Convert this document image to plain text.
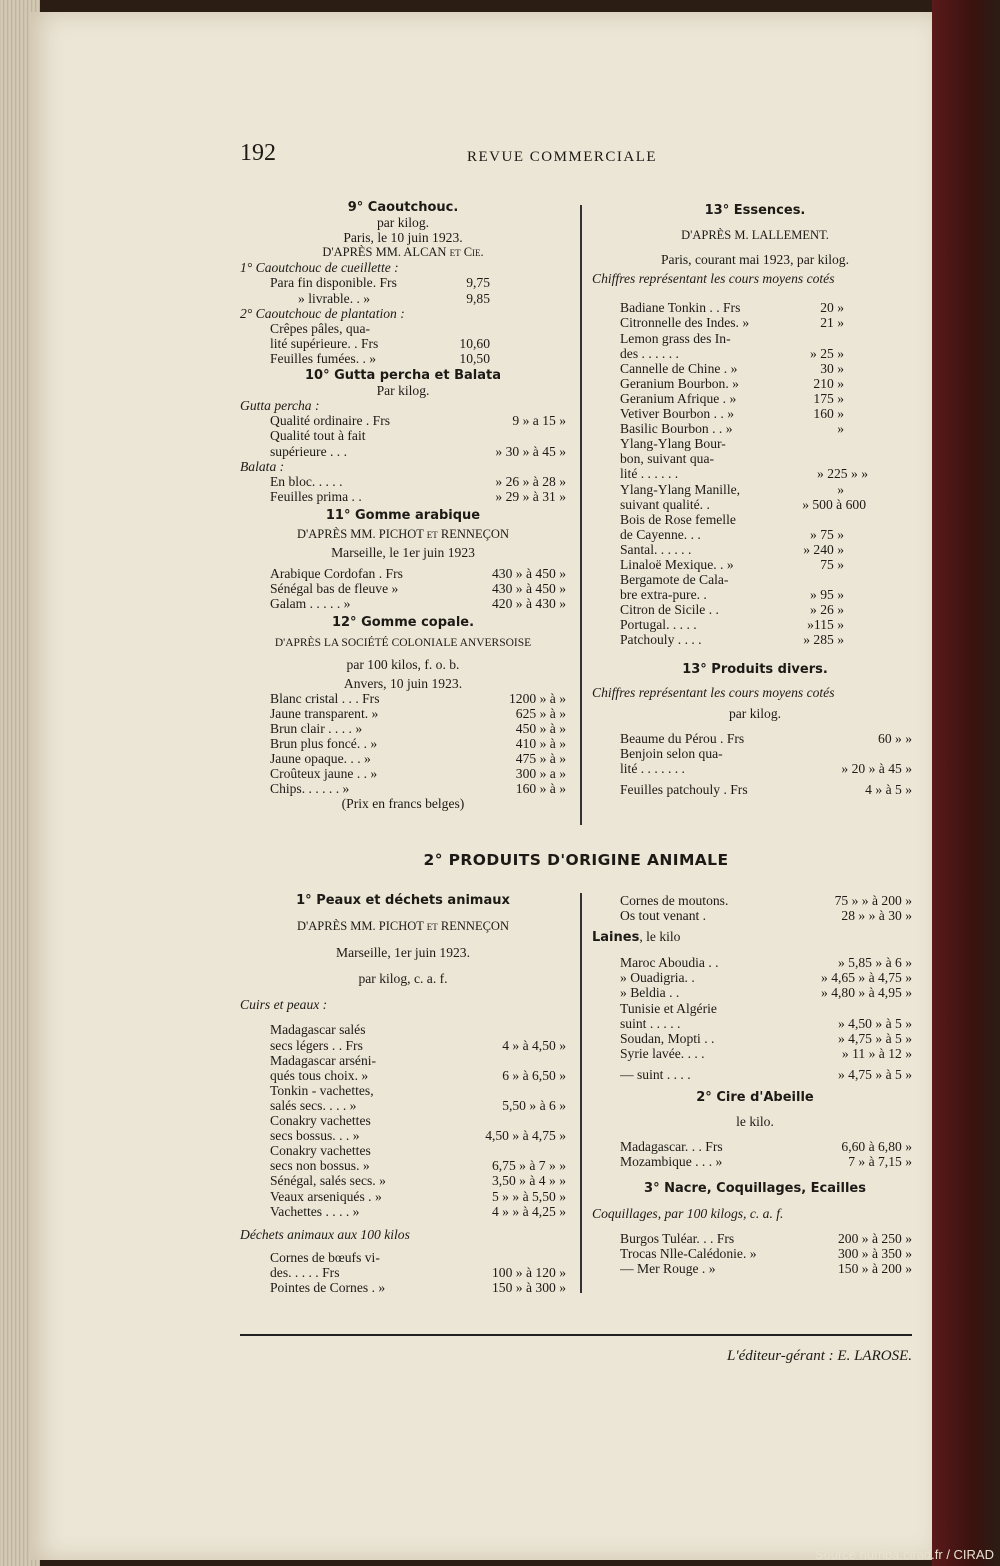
192	REVUE COMMERCIALE
9° Caoutchouc.
par kilog.
Paris, le 10 juin 1923.
D'APRÈS MM. ALCAN et Cie.
1° Caoutchouc de cueillette :
Para fin disponible. Frs	9,75
» livrable. . »	9,85
2° Caoutchouc de plantation :
Crêpes pâles, qua-
lité supérieure. . Frs	10,60
Feuilles fumées. . »	10,50
10° Gutta percha et Balata
Par kilog.
Gutta percha :
Qualité ordinaire . Frs	9 » a 15 »
Qualité tout à fait
supérieure . . .	» 30 » à 45 »
Balata :
En bloc. . . . .	» 26 » à 28 »
Feuilles prima . .	» 29 » à 31 »
11° Gomme arabique
D'APRÈS MM. PICHOT et RENNEÇON
Marseille, le 1er juin 1923
Arabique Cordofan . Frs	430 » à 450 »
Sénégal bas de fleuve »	430 » à 450 »
Galam . . . . . »	420 » à 430 »
12° Gomme copale.
D'APRÈS LA SOCIÉTÉ COLONIALE ANVERSOISE
par 100 kilos, f. o. b.
Anvers, 10 juin 1923.
Blanc cristal . . . Frs	1200 » à »
Jaune transparent. »	625 » à »
Brun clair . . . . »	450 » à »
Brun plus foncé. . »	410 » à »
Jaune opaque. . . »	475 » à »
Croûteux jaune . . »	300 » a »
Chips. . . . . . »	160 » à »
(Prix en francs belges)
13° Essences.
D'APRÈS M. LALLEMENT.
Paris, courant mai 1923, par kilog.
Chiffres représentant les cours moyens cotés
Badiane Tonkin . . Frs	20 »
Citronnelle des Indes. »	21 »
Lemon grass des In-
des . . . . . .	» 25 »
Cannelle de Chine . »	30 »
Geranium Bourbon. »	210 »
Geranium Afrique . »	175 »
Vetiver Bourbon . . »	160 »
Basilic Bourbon . . »	»
Ylang-Ylang Bour-
bon, suivant qua-
lité . . . . . .	» 225 » »
Ylang-Ylang Manille,	»
suivant qualité. .	» 500 à 600
Bois de Rose femelle
de Cayenne. . .	» 75 »
Santal. . . . . .	» 240 »
Linaloë Mexique. . »	75 »
Bergamote de Cala-
bre extra-pure. .	» 95 »
Citron de Sicile . .	» 26 »
Portugal. . . . .	»115 »
Patchouly . . . .	» 285 »
13° Produits divers.
Chiffres représentant les cours moyens cotés
par kilog.
Beaume du Pérou . Frs	60 » »
Benjoin selon qua-
lité . . . . . . .	» 20 » à 45 »
Feuilles patchouly . Frs	4 » à 5 »
2° PRODUITS D'ORIGINE ANIMALE
1° Peaux et déchets animaux
D'APRÈS MM. PICHOT et RENNEÇON
Marseille, 1er juin 1923.
par kilog, c. a. f.
Cuirs et peaux :
Madagascar salés
secs légers . . Frs	4 » à 4,50 »
Madagascar arséni-
qués tous choix. »	6 » à 6,50 »
Tonkin - vachettes,
salés secs. . . . »	5,50 » à 6 »
Conakry vachettes
secs bossus. . . »	4,50 » à 4,75 »
Conakry vachettes
secs non bossus. »	6,75 » à 7 » »
Sénégal, salés secs. »	3,50 » à 4 » »
Veaux arseniqués . »	5 » » à 5,50 »
Vachettes . . . . »	4 » » à 4,25 »
Déchets animaux aux 100 kilos
Cornes de bœufs vi-
des. . . . . Frs	100 » à 120 »
Pointes de Cornes . »	150 » à 300 »
Cornes de moutons.	75 » » à 200 »
Os tout venant .	28 » » à 30 »
Laines, le kilo
Maroc Aboudia . .	» 5,85 » à 6 »
» Ouadigria. .	» 4,65 » à 4,75 »
» Beldia . .	» 4,80 » à 4,95 »
Tunisie et Algérie
suint . . . . .	» 4,50 » à 5 »
Soudan, Mopti . .	» 4,75 » à 5 »
Syrie lavée. . . .	» 11 » à 12 »
— suint . . . .	» 4,75 » à 5 »
2° Cire d'Abeille
le kilo.
Madagascar. . . Frs	6,60 à 6,80 »
Mozambique . . . »	7 » à 7,15 »
3° Nacre, Coquillages, Ecailles
Coquillages, par 100 kilogs, c. a. f.
Burgos Tuléar. . . Frs	200 » à 250 »
Trocas Nlle-Calédonie. »	300 » à 350 »
— Mer Rouge . »	150 » à 200 »
L'éditeur-gérant : E. LAROSE.
Source numba.cirad.fr / CIRAD
